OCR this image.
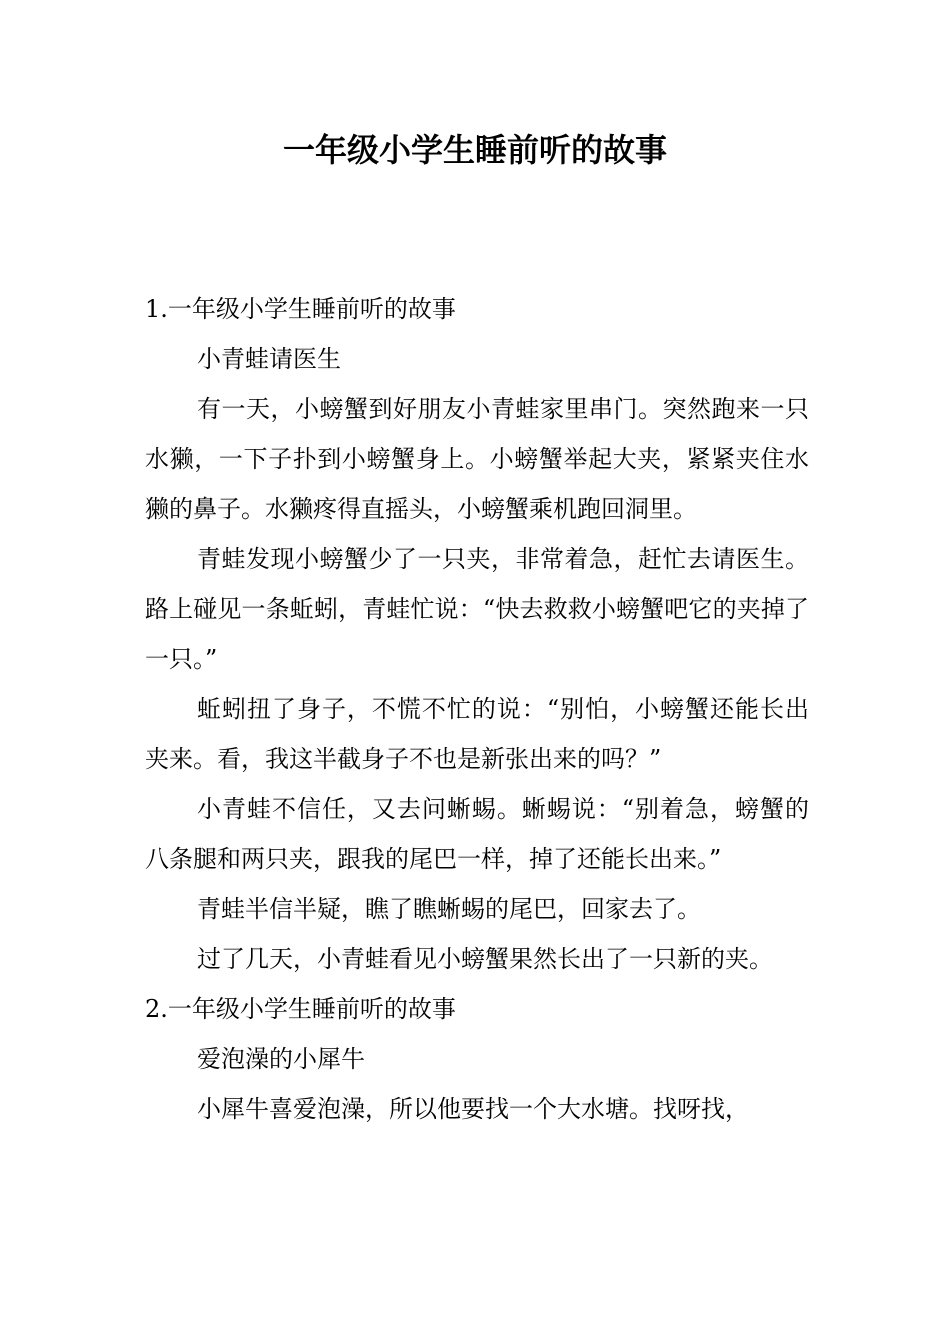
一年级小学生睡前听的故事

1.一年级小学生睡前听的故事

小青蛙请医生

有一天，小螃蟹到好朋友小青蛙家里串门。突然跑来一只水獭，一下子扑到小螃蟹身上。小螃蟹举起大夹，紧紧夹住水獭的鼻子。水獭疼得直摇头，小螃蟹乘机跑回洞里。

青蛙发现小螃蟹少了一只夹，非常着急，赶忙去请医生。路上碰见一条蚯蚓，青蛙忙说：“快去救救小螃蟹吧它的夹掉了一只。”

蚯蚓扭了身子，不慌不忙的说：“别怕，小螃蟹还能长出夹来。看，我这半截身子不也是新张出来的吗？”

小青蛙不信任，又去问蜥蜴。蜥蜴说：“别着急，螃蟹的八条腿和两只夹，跟我的尾巴一样，掉了还能长出来。”

青蛙半信半疑，瞧了瞧蜥蜴的尾巴，回家去了。

过了几天，小青蛙看见小螃蟹果然长出了一只新的夹。

2.一年级小学生睡前听的故事

爱泡澡的小犀牛

小犀牛喜爱泡澡，所以他要找一个大水塘。找呀找，
